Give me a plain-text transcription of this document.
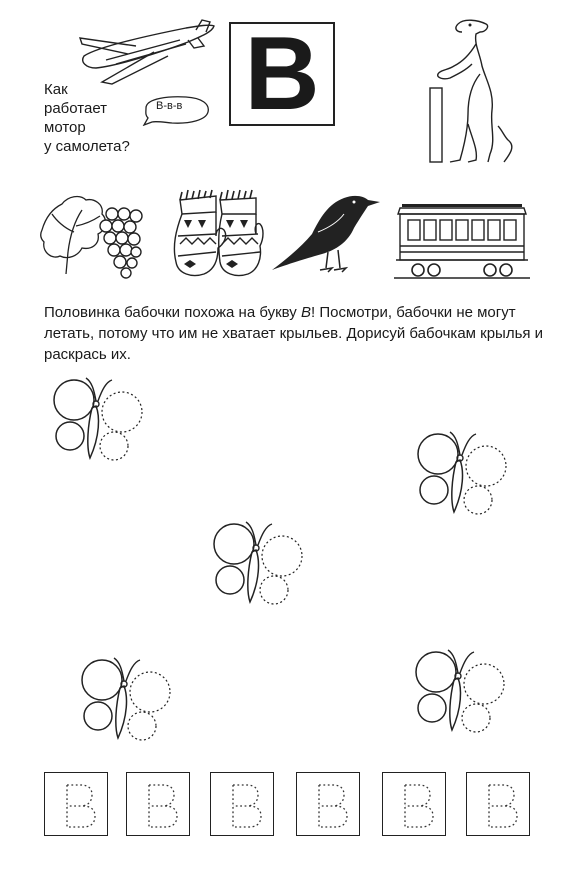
Как
работает
мотор
у самолета?
В-в-в В
Половинка бабочки похожа на букву В! Посмотри, бабочки не могут летать, потому что им не хватает крыльев. Дорисуй бабочкам крылья и раскрась их.
